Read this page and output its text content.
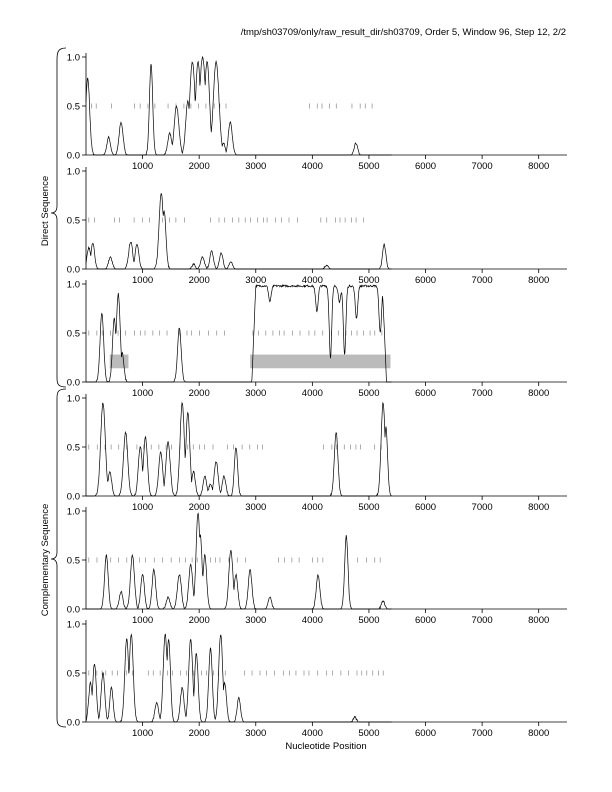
/tmp/sh03709/only/raw_result_dir/sh03709, Order 5, Window 96, Step 12, 2/2
Nucleotide Position
Direct Sequence
Complementary Sequence
0.0
0.5
1.0
1000	2000	3000	4000	5000	6000	7000	8000
0.0
0.5
1.0
1000	2000	3000	4000	5000	6000	7000	8000
0.0
0.5
1.0
1000	2000	3000	4000	5000	6000	7000	8000
0.0
0.5
1.0
1000	2000	3000	4000	5000	6000	7000	8000
0.0
0.5
1.0
1000	2000	3000	4000	5000	6000	7000	8000
0.0
0.5
1.0
1000	2000	3000	4000	5000	6000	7000	8000
